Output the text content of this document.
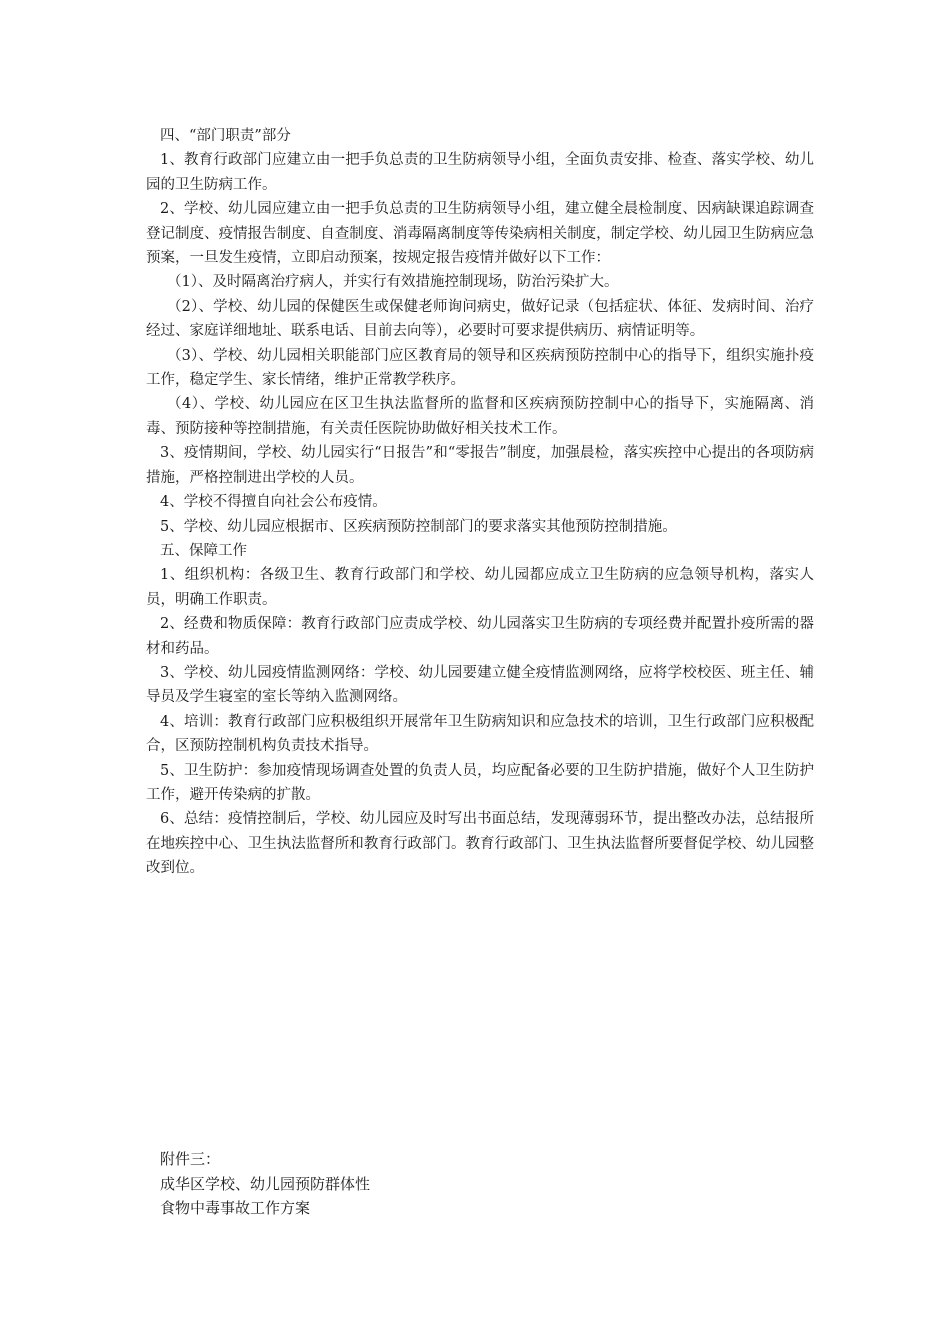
四、“部门职责”部分

1、教育行政部门应建立由一把手负总责的卫生防病领导小组，全面负责安排、检查、落实学校、幼儿园的卫生防病工作。

2、学校、幼儿园应建立由一把手负总责的卫生防病领导小组，建立健全晨检制度、因病缺课追踪调查登记制度、疫情报告制度、自查制度、消毒隔离制度等传染病相关制度，制定学校、幼儿园卫生防病应急预案，一旦发生疫情，立即启动预案，按规定报告疫情并做好以下工作：

（1）、及时隔离治疗病人，并实行有效措施控制现场，防治污染扩大。

（2）、学校、幼儿园的保健医生或保健老师询问病史，做好记录（包括症状、体征、发病时间、治疗经过、家庭详细地址、联系电话、目前去向等），必要时可要求提供病历、病情证明等。

（3）、学校、幼儿园相关职能部门应区教育局的领导和区疾病预防控制中心的指导下，组织实施扑疫工作，稳定学生、家长情绪，维护正常教学秩序。

（4）、学校、幼儿园应在区卫生执法监督所的监督和区疾病预防控制中心的指导下，实施隔离、消毒、预防接种等控制措施，有关责任医院协助做好相关技术工作。

3、疫情期间，学校、幼儿园实行“日报告”和“零报告”制度，加强晨检，落实疾控中心提出的各项防病措施，严格控制进出学校的人员。

4、学校不得擅自向社会公布疫情。

5、学校、幼儿园应根据市、区疾病预防控制部门的要求落实其他预防控制措施。

五、保障工作

1、组织机构：各级卫生、教育行政部门和学校、幼儿园都应成立卫生防病的应急领导机构，落实人员，明确工作职责。

2、经费和物质保障：教育行政部门应责成学校、幼儿园落实卫生防病的专项经费并配置扑疫所需的器材和药品。

3、学校、幼儿园疫情监测网络：学校、幼儿园要建立健全疫情监测网络，应将学校校医、班主任、辅导员及学生寝室的室长等纳入监测网络。

4、培训：教育行政部门应积极组织开展常年卫生防病知识和应急技术的培训，卫生行政部门应积极配合，区预防控制机构负责技术指导。

5、卫生防护：参加疫情现场调查处置的负责人员，均应配备必要的卫生防护措施，做好个人卫生防护工作，避开传染病的扩散。

6、总结：疫情控制后，学校、幼儿园应及时写出书面总结，发现薄弱环节，提出整改办法，总结报所在地疾控中心、卫生执法监督所和教育行政部门。教育行政部门、卫生执法监督所要督促学校、幼儿园整改到位。

附件三：

成华区学校、幼儿园预防群体性

食物中毒事故工作方案
